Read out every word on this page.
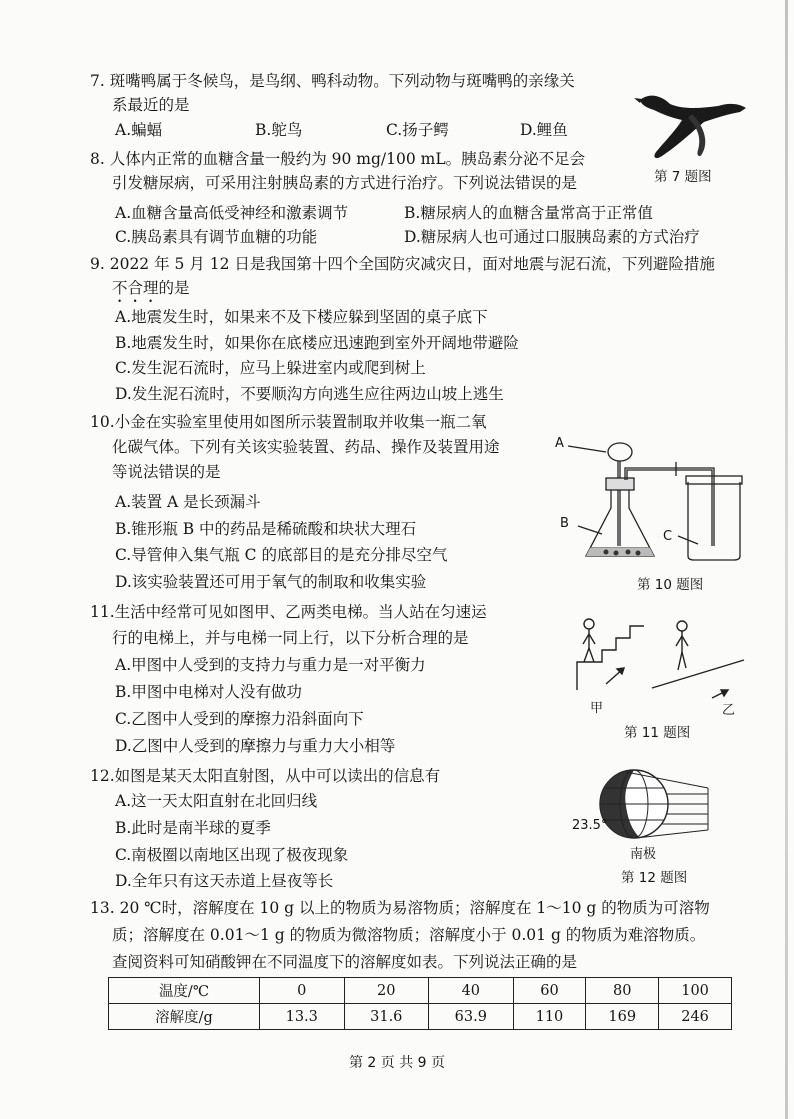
7. 斑嘴鸭属于冬候鸟，是鸟纲、鸭科动物。下列动物与斑嘴鸭的亲缘关
系最近的是
A.蝙蝠	B.鸵鸟	C.扬子鳄	D.鲤鱼
第 7 题图
8. 人体内正常的血糖含量一般约为 90 mg/100 mL。胰岛素分泌不足会
引发糖尿病，可采用注射胰岛素的方式进行治疗。下列说法错误的是
A.血糖含量高低受神经和激素调节	B.糖尿病人的血糖含量常高于正常值
C.胰岛素具有调节血糖的功能	D.糖尿病人也可通过口服胰岛素的方式治疗
9. 2022 年 5 月 12 日是我国第十四个全国防灾减灾日，面对地震与泥石流，下列避险措施
不合理的是
A.地震发生时，如果来不及下楼应躲到坚固的桌子底下
B.地震发生时，如果你在底楼应迅速跑到室外开阔地带避险
C.发生泥石流时，应马上躲进室内或爬到树上
D.发生泥石流时，不要顺沟方向逃生应往两边山坡上逃生
10.小金在实验室里使用如图所示装置制取并收集一瓶二氧
化碳气体。下列有关该实验装置、药品、操作及装置用途
等说法错误的是
A.装置 A 是长颈漏斗
B.锥形瓶 B 中的药品是稀硫酸和块状大理石
C.导管伸入集气瓶 C 的底部目的是充分排尽空气
D.该实验装置还可用于氧气的制取和收集实验
A
B
C
第 10 题图
11.生活中经常可见如图甲、乙两类电梯。当人站在匀速运
行的电梯上，并与电梯一同上行，以下分析合理的是
A.甲图中人受到的支持力与重力是一对平衡力
B.甲图中电梯对人没有做功
C.乙图中人受到的摩擦力沿斜面向下
D.乙图中人受到的摩擦力与重力大小相等
甲	乙
第 11 题图
12.如图是某天太阳直射图，从中可以读出的信息有
A.这一天太阳直射在北回归线
B.此时是南半球的夏季
C.南极圈以南地区出现了极夜现象
D.全年只有这天赤道上昼夜等长
23.5°
南极
第 12 题图
13. 20 ℃时，溶解度在 10 g 以上的物质为易溶物质；溶解度在 1～10 g 的物质为可溶物
质；溶解度在 0.01～1 g 的物质为微溶物质；溶解度小于 0.01 g 的物质为难溶物质。
查阅资料可知硝酸钾在不同温度下的溶解度如表。下列说法正确的是
温度/℃	0	20	40	60	80	100
溶解度/g	13.3	31.6	63.9	110	169	246
第 2 页 共 9 页
